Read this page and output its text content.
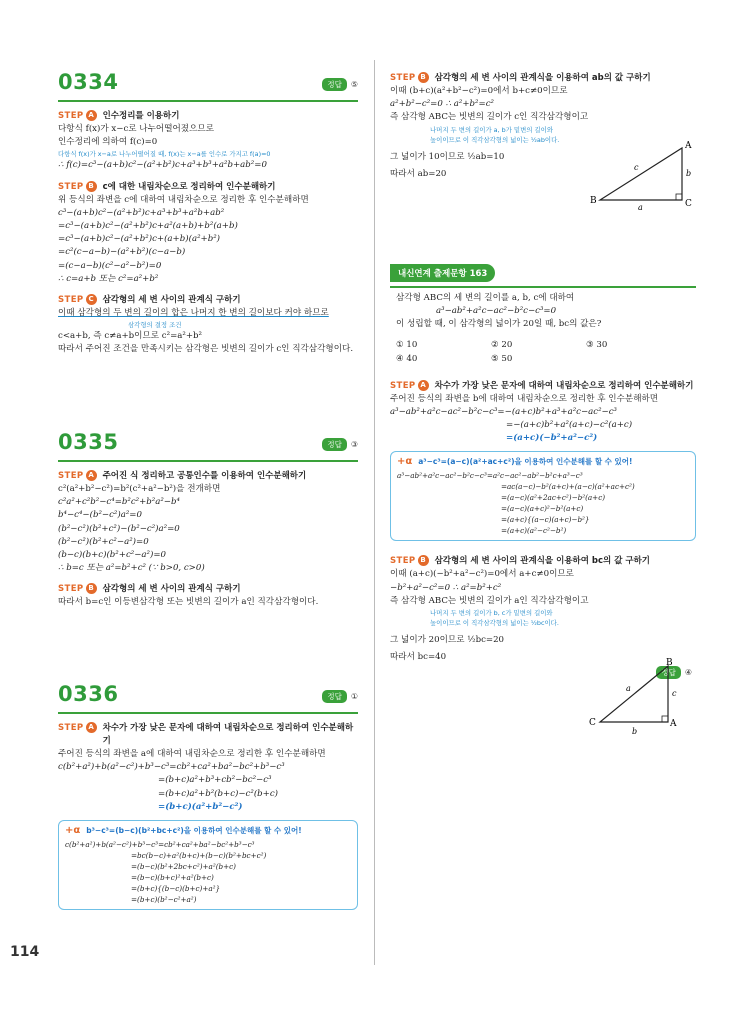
0334	정답 ⑤
STEP A	인수정리를 이용하기
다항식 f(x)가 x−c로 나누어떨어졌으므로
인수정리에 의하여 f(c)=0
다항식 f(x)가 x−a로 나누어떨어질 때, f(x)는 x−a를 인수로 가지고 f(a)=0
∴ f(c)=c³−(a+b)c²−(a²+b²)c+a³+b³+a²b+ab²=0
STEP B	c에 대한 내림차순으로 정리하여 인수분해하기
위 등식의 좌변을 c에 대하여 내림차순으로 정리한 후 인수분해하면
c³−(a+b)c²−(a²+b²)c+a³+b³+a²b+ab²
=c³−(a+b)c²−(a²+b²)c+a²(a+b)+b²(a+b)
=c³−(a+b)c²−(a²+b²)c+(a+b)(a²+b²)
=c²(c−a−b)−(a²+b²)(c−a−b)
=(c−a−b)(c²−a²−b²)=0
∴ c=a+b 또는 c²=a²+b²
STEP C	삼각형의 세 변 사이의 관계식 구하기
이때 삼각형의 두 변의 길이의 합은 나머지 한 변의 길이보다 커야 하므로
삼각형의 결정 조건
c<a+b, 즉 c≠a+b이므로 c²=a²+b²
따라서 주어진 조건을 만족시키는 삼각형은 빗변의 길이가 c인 직각삼각형이다.
0335	정답 ③
STEP A	주어진 식 정리하고 공통인수를 이용하여 인수분해하기
c²(a²+b²−c²)=b²(c²+a²−b²)을 전개하면
c²a²+c²b²−c⁴=b²c²+b²a²−b⁴
b⁴−c⁴−(b²−c²)a²=0
(b²−c²)(b²+c²)−(b²−c²)a²=0
(b²−c²)(b²+c²−a²)=0
(b−c)(b+c)(b²+c²−a²)=0
∴ b=c 또는 a²=b²+c² (∵ b>0, c>0)
STEP B	삼각형의 세 변 사이의 관계식 구하기
따라서 b=c인 이등변삼각형 또는 빗변의 길이가 a인 직각삼각형이다.
0336	정답 ①
STEP A	차수가 가장 낮은 문자에 대하여 내림차순으로 정리하여 인수분해하기
주어진 등식의 좌변을 a에 대하여 내림차순으로 정리한 후 인수분해하면
c(b²+a²)+b(a²−c²)+b³−c³=cb²+ca²+ba²−bc²+b³−c³
=(b+c)a²+b³+cb²−bc²−c³
=(b+c)a²+b²(b+c)−c²(b+c)
=(b+c)(a²+b²−c²)
+α b³−c³=(b−c)(b²+bc+c²)을 이용하여 인수분해를 할 수 있어!
c(b²+a²)+b(a²−c²)+b³−c³=cb²+ca²+ba²−bc²+b³−c³
=bc(b−c)+a²(b+c)+(b−c)(b²+bc+c²)
=(b−c)(b²+2bc+c²)+a²(b+c)
=(b−c)(b+c)²+a²(b+c)
=(b+c){(b−c)(b+c)+a²}
=(b+c)(b²−c²+a²)
114
STEP B	삼각형의 세 변 사이의 관계식을 이용하여 ab의 값 구하기
이때 (b+c)(a²+b²−c²)=0에서 b+c≠0이므로
a²+b²−c²=0 ∴ a²+b²=c²
즉 삼각형 ABC는 빗변의 길이가 c인 직각삼각형이고
나머지 두 변의 길이가 a, b가 밑변의 길이와
높이이므로 이 직각삼각형의 넓이는 ½ab이다.
그 넓이가 10이므로 ½ab=10
따라서 ab=20
A
B	C
a
b
c
내신연계 출제문항 163
삼각형 ABC의 세 변의 길이를 a, b, c에 대하여
a³−ab²+a²c−ac²−b²c−c³=0
이 성립할 때, 이 삼각형의 넓이가 20일 때, bc의 값은?
① 10	② 20	③ 30
④ 40	⑤ 50
STEP A	차수가 가장 낮은 문자에 대하여 내림차순으로 정리하여 인수분해하기
주어진 등식의 좌변을 b에 대하여 내림차순으로 정리한 후 인수분해하면
a³−ab²+a²c−ac²−b²c−c³=−(a+c)b²+a³+a²c−ac²−c³
=−(a+c)b²+a²(a+c)−c²(a+c)
=(a+c)(−b²+a²−c²)
+α a³−c³=(a−c)(a²+ac+c²)을 이용하여 인수분해를 할 수 있어!
a³−ab²+a²c−ac²−b²c−c³=a²c−ac²−ab²−b²c+a³−c³
=ac(a−c)−b²(a+c)+(a−c)(a²+ac+c²)
=(a−c)(a²+2ac+c²)−b²(a+c)
=(a−c)(a+c)²−b²(a+c)
=(a+c){(a−c)(a+c)−b²}
=(a+c)(a²−c²−b²)
STEP B	삼각형의 세 변 사이의 관계식을 이용하여 bc의 값 구하기
이때 (a+c)(−b²+a²−c²)=0에서 a+c≠0이므로
−b²+a²−c²=0 ∴ a²=b²+c²
즉 삼각형 ABC는 빗변의 길이가 a인 직각삼각형이고
나머지 두 변의 길이가 b, c가 밑변의 길이와
높이이므로 이 직각삼각형의 넓이는 ½bc이다.
그 넓이가 20이므로 ½bc=20
따라서 bc=40
정답 ④
B
C	A
a
c
b
